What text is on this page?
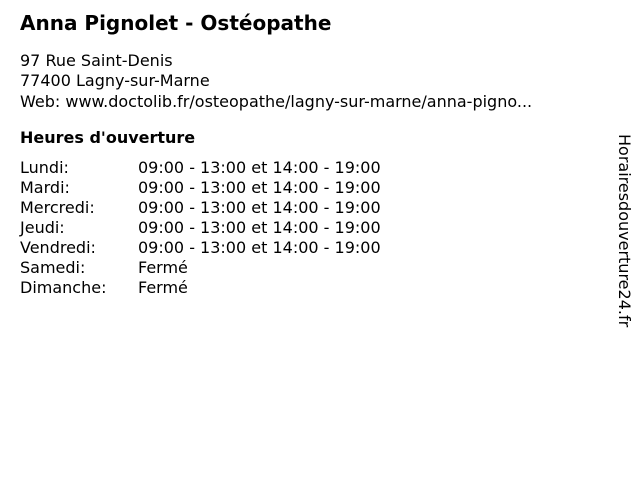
Anna Pignolet - Ostéopathe
97 Rue Saint-Denis
77400 Lagny-sur-Marne
Web: www.doctolib.fr/osteopathe/lagny-sur-marne/anna-pigno...
Heures d'ouverture
Lundi:	09:00 - 13:00 et 14:00 - 19:00
Mardi:	09:00 - 13:00 et 14:00 - 19:00
Mercredi:	09:00 - 13:00 et 14:00 - 19:00
Jeudi:	09:00 - 13:00 et 14:00 - 19:00
Vendredi:	09:00 - 13:00 et 14:00 - 19:00
Samedi:	Fermé
Dimanche:	Fermé	Horairesdouverture24.fr
